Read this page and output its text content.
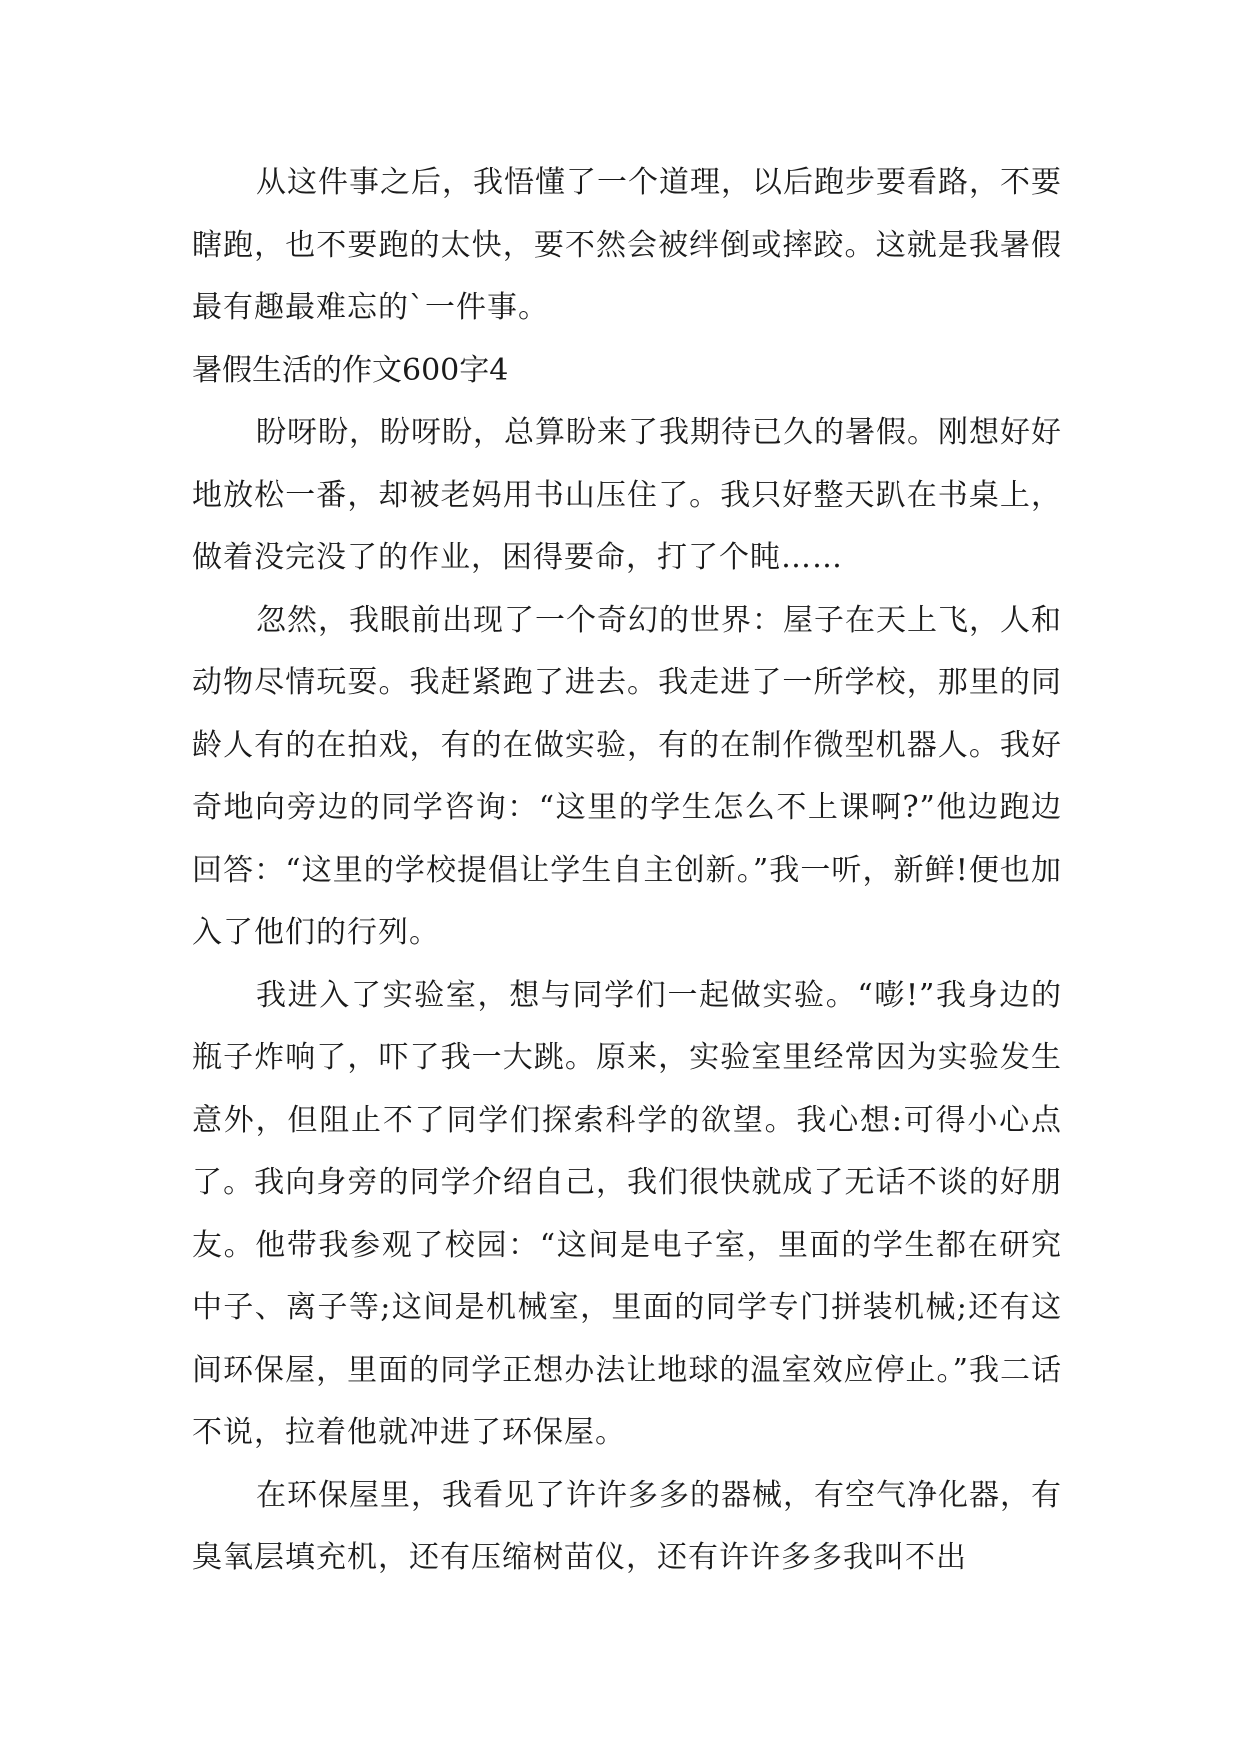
从这件事之后，我悟懂了一个道理，以后跑步要看路，不要瞎跑，也不要跑的太快，要不然会被绊倒或摔跤。这就是我暑假最有趣最难忘的`一件事。

暑假生活的作文600字4

盼呀盼，盼呀盼，总算盼来了我期待已久的暑假。刚想好好地放松一番，却被老妈用书山压住了。我只好整天趴在书桌上，做着没完没了的作业，困得要命，打了个盹……

忽然，我眼前出现了一个奇幻的世界：屋子在天上飞，人和动物尽情玩耍。我赶紧跑了进去。我走进了一所学校，那里的同龄人有的在拍戏，有的在做实验，有的在制作微型机器人。我好奇地向旁边的同学咨询：“这里的学生怎么不上课啊?”他边跑边回答：“这里的学校提倡让学生自主创新。”我一听，新鲜!便也加入了他们的行列。

我进入了实验室，想与同学们一起做实验。“嘭!”我身边的瓶子炸响了，吓了我一大跳。原来，实验室里经常因为实验发生意外，但阻止不了同学们探索科学的欲望。我心想:可得小心点了。我向身旁的同学介绍自己，我们很快就成了无话不谈的好朋友。他带我参观了校园：“这间是电子室，里面的学生都在研究中子、离子等;这间是机械室，里面的同学专门拼装机械;还有这间环保屋，里面的同学正想办法让地球的温室效应停止。”我二话不说，拉着他就冲进了环保屋。

在环保屋里，我看见了许许多多的器械，有空气净化器，有臭氧层填充机，还有压缩树苗仪，还有许许多多我叫不出
